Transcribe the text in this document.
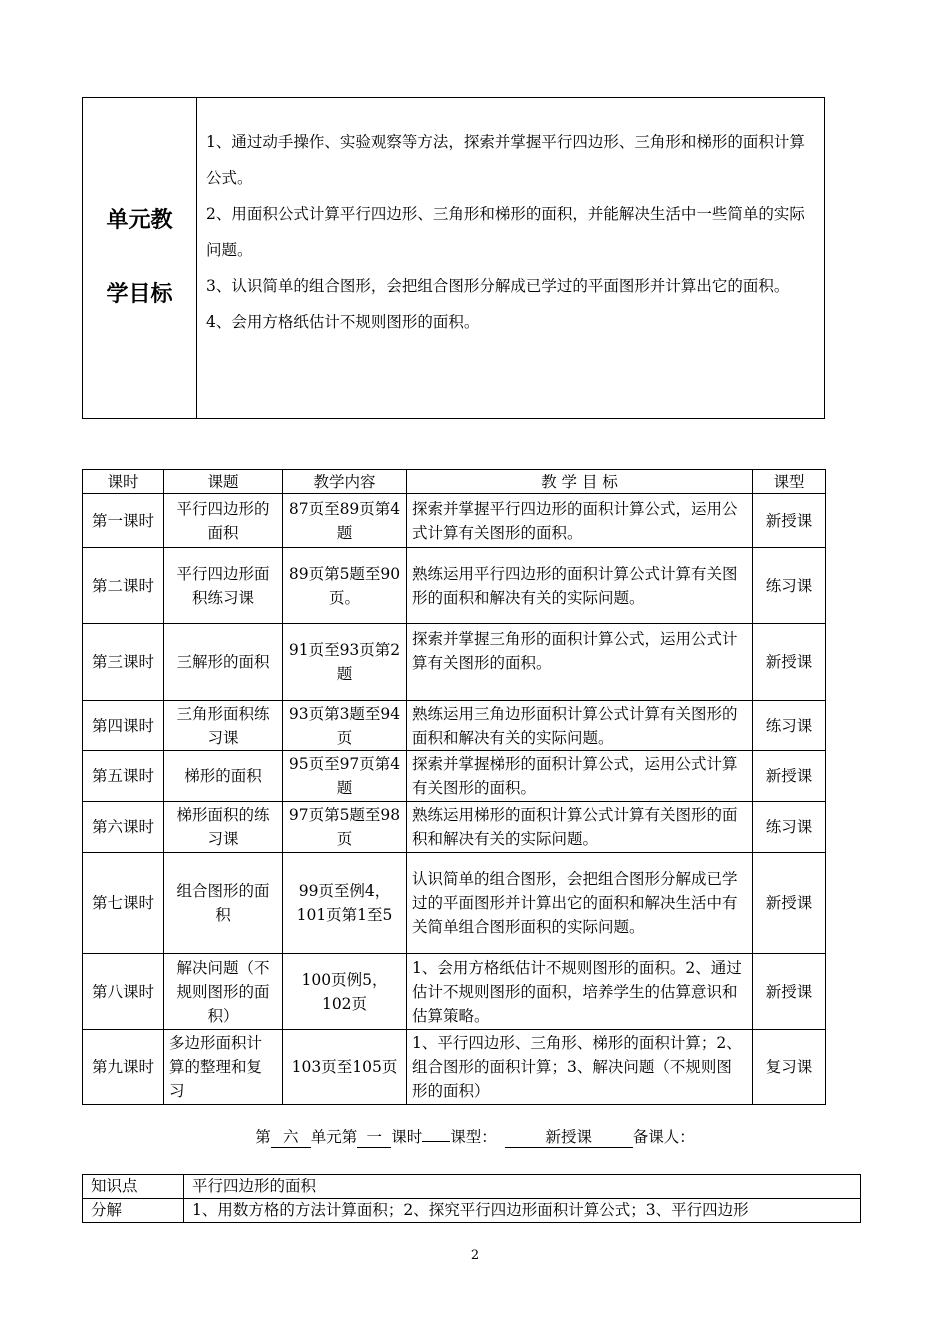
单元教
学目标

1、通过动手操作、实验观察等方法，探索并掌握平行四边形、三角形和梯形的面积计算公式。

2、用面积公式计算平行四边形、三角形和梯形的面积，并能解决生活中一些简单的实际问题。

3、认识简单的组合图形，会把组合图形分解成已学过的平面图形并计算出它的面积。

4、会用方格纸估计不规则图形的面积。

课时	课题	教学内容	教 学 目 标	课型
第一课时	平行四边形的面积	87页至89页第4题	探索并掌握平行四边形的面积计算公式，运用公式计算有关图形的面积。	新授课
第二课时	平行四边形面积练习课	89页第5题至90页。	熟练运用平行四边形的面积计算公式计算有关图形的面积和解决有关的实际问题。	练习课
第三课时	三解形的面积	91页至93页第2题	探索并掌握三角形的面积计算公式，运用公式计算有关图形的面积。	新授课
第四课时	三角形面积练习课	93页第3题至94页	熟练运用三角边形面积计算公式计算有关图形的面积和解决有关的实际问题。	练习课
第五课时	梯形的面积	95页至97页第4题	探索并掌握梯形的面积计算公式，运用公式计算有关图形的面积。	新授课
第六课时	梯形面积的练习课	97页第5题至98页	熟练运用梯形的面积计算公式计算有关图形的面积和解决有关的实际问题。	练习课
第七课时	组合图形的面积	99页至例4，101页第1至5	认识简单的组合图形，会把组合图形分解成已学过的平面图形并计算出它的面积和解决生活中有关简单组合图形面积的实际问题。	新授课
第八课时	解决问题（不规则图形的面积）	100页例5，102页	1、会用方格纸估计不规则图形的面积。2、通过估计不规则图形的面积，培养学生的估算意识和估算策略。	新授课
第九课时	多边形面积计算的整理和复习	103页至105页	1、平行四边形、三角形、梯形的面积计算；2、组合图形的面积计算；3、解决问题（不规则图形的面积）	复习课
第 六 单元第 一 课时 课型：	新授课	备课人：
知识点	平行四边形的面积
分解	1、用数方格的方法计算面积；2、探究平行四边形面积计算公式；3、平行四边形
2
